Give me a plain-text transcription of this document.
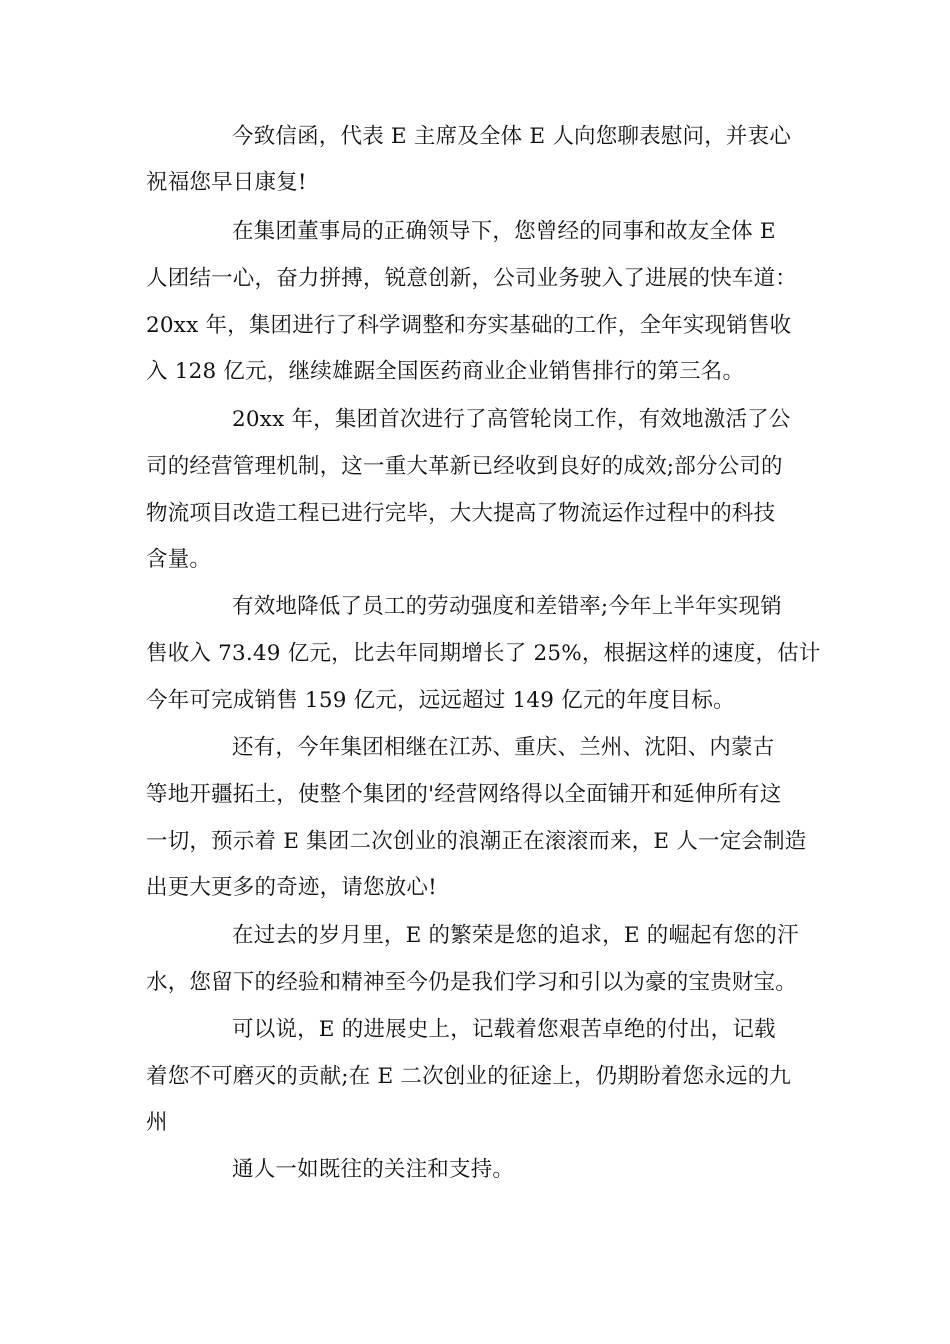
今致信函，代表 E 主席及全体 E 人向您聊表慰问，并衷心
祝福您早日康复!
在集团董事局的正确领导下，您曾经的同事和故友全体 E
人团结一心，奋力拼搏，锐意创新，公司业务驶入了进展的快车道：
20xx 年，集团进行了科学调整和夯实基础的工作，全年实现销售收
入 128 亿元，继续雄踞全国医药商业企业销售排行的第三名。
20xx 年，集团首次进行了高管轮岗工作，有效地激活了公
司的经营管理机制，这一重大革新已经收到良好的成效;部分公司的
物流项目改造工程已进行完毕，大大提高了物流运作过程中的科技
含量。
有效地降低了员工的劳动强度和差错率;今年上半年实现销
售收入 73.49 亿元，比去年同期增长了 25%，根据这样的速度，估计
今年可完成销售 159 亿元，远远超过 149 亿元的年度目标。
还有，今年集团相继在江苏、重庆、兰州、沈阳、内蒙古
等地开疆拓土，使整个集团的'经营网络得以全面铺开和延伸所有这
一切，预示着 E 集团二次创业的浪潮正在滚滚而来，E 人一定会制造
出更大更多的奇迹，请您放心!
在过去的岁月里，E 的繁荣是您的追求，E 的崛起有您的汗
水，您留下的经验和精神至今仍是我们学习和引以为豪的宝贵财宝。
可以说，E 的进展史上，记载着您艰苦卓绝的付出，记载
着您不可磨灭的贡献;在 E 二次创业的征途上，仍期盼着您永远的九
州
通人一如既往的关注和支持。
